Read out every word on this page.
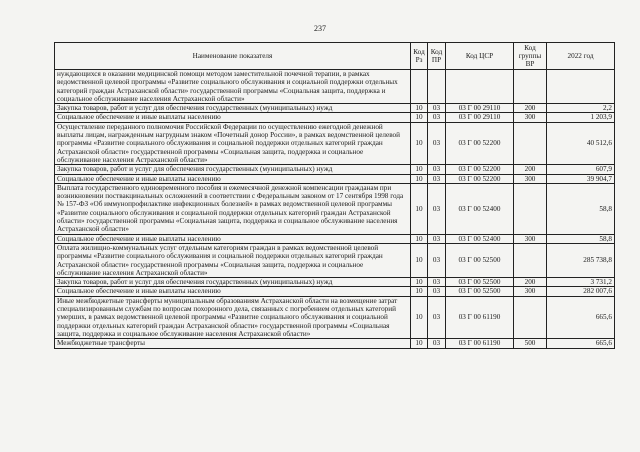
237
Наименование показателя	Код Рз	Код ПР	Код ЦСР	Код группы ВР	2022 год
нуждающихся в оказании медицинской помощи методом заместительной почечной терапии, в рамках ведомственной целевой программы «Развитие социального обслуживания и социальной поддержки отдельных категорий граждан Астраханской области» государственной программы «Социальная защита, поддержка и социальное обслуживание населения Астраханской области»					
Закупка товаров, работ и услуг для обеспечения государственных (муниципальных) нужд	10	03	03 Г 00 29110	200	2,2
Социальное обеспечение и иные выплаты населению	10	03	03 Г 00 29110	300	1 203,9
Осуществление переданного полномочия Российской Федерации по осуществлению ежегодной денежной выплаты лицам, награжденным нагрудным знаком «Почетный донор России», в рамках ведомственной целевой программы «Развитие социального обслуживания и социальной поддержки отдельных категорий граждан Астраханской области» государственной программы «Социальная защита, поддержка и социальное обслуживание населения Астраханской области»	10	03	03 Г 00 52200		40 512,6
Закупка товаров, работ и услуг для обеспечения государственных (муниципальных) нужд	10	03	03 Г 00 52200	200	607,9
Социальное обеспечение и иные выплаты населению	10	03	03 Г 00 52200	300	39 904,7
Выплата государственного единовременного пособия и ежемесячной денежной компенсации гражданам при возникновении поствакцинальных осложнений в соответствии с Федеральным законом от 17 сентября 1998 года № 157-ФЗ «Об иммунопрофилактике инфекционных болезней» в рамках ведомственной целевой программы «Развитие социального обслуживания и социальной поддержки отдельных категорий граждан Астраханской области» государственной программы «Социальная защита, поддержка и социальное обслуживание населения Астраханской области»	10	03	03 Г 00 52400		58,8
Социальное обеспечение и иные выплаты населению	10	03	03 Г 00 52400	300	58,8
Оплата жилищно-коммунальных услуг отдельным категориям граждан в рамках ведомственной целевой программы «Развитие социального обслуживания и социальной поддержки отдельных категорий граждан Астраханской области» государственной программы «Социальная защита, поддержка и социальное обслуживание населения Астраханской области»	10	03	03 Г 00 52500		285 738,8
Закупка товаров, работ и услуг для обеспечения государственных (муниципальных) нужд	10	03	03 Г 00 52500	200	3 731,2
Социальное обеспечение и иные выплаты населению	10	03	03 Г 00 52500	300	282 007,6
Иные межбюджетные трансферты муниципальным образованиям Астраханской области на возмещение затрат специализированным службам по вопросам похоронного дела, связанных с погребением отдельных категорий умерших, в рамках ведомственной целевой программы «Развитие социального обслуживания и социальной поддержки отдельных категорий граждан Астраханской области» государственной программы «Социальная защита, поддержка и социальное обслуживание населения Астраханской области»	10	03	03 Г 00 61190		665,6
Межбюджетные трансферты	10	03	03 Г 00 61190	500	665,6
